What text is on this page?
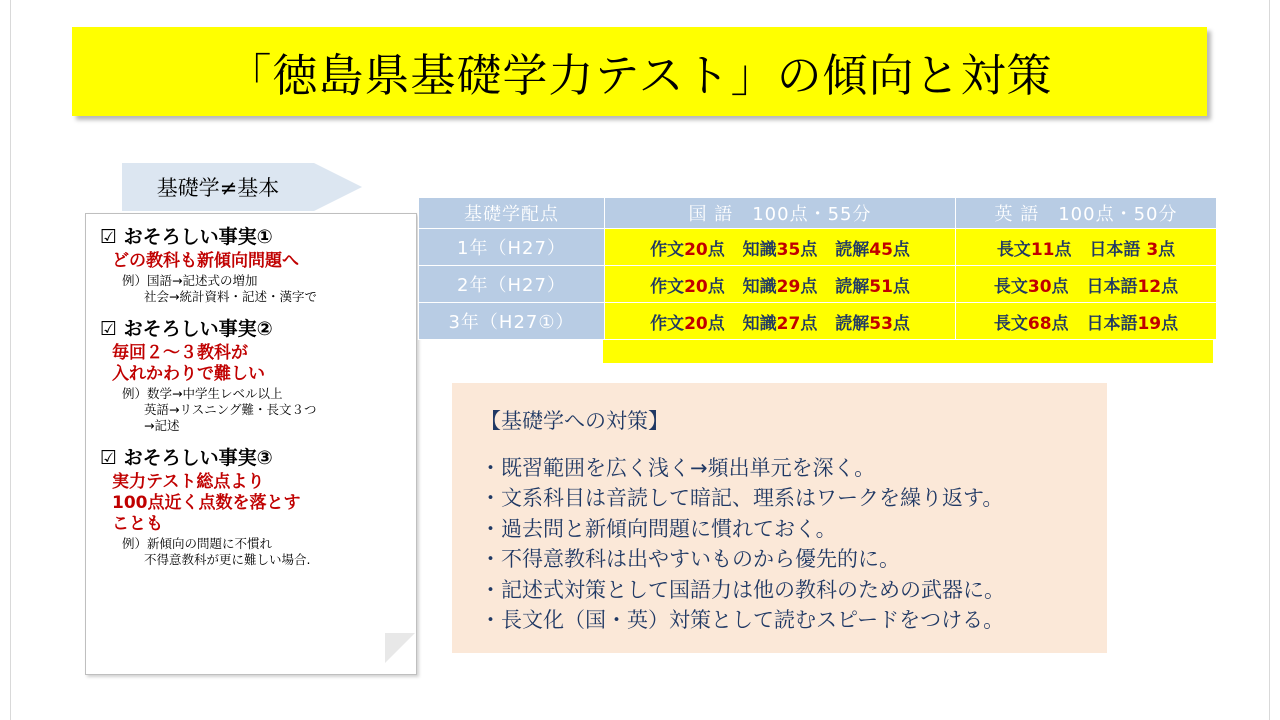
「徳島県基礎学力テスト」の傾向と対策
基礎学≠基本
☑ おそろしい事実①
どの教科も新傾向問題へ
例）国語→記述式の増加
社会→統計資料・記述・漢字で
☑ おそろしい事実②
毎回２～３教科が
入れかわりで難しい
例）数学→中学生レベル以上
英語→リスニング難・長文３つ
→記述
☑ おそろしい事実③
実力テスト総点より
100点近く点数を落とす
ことも
例）新傾向の問題に不慣れ
不得意教科が更に難しい場合.
基礎学配点	国 語　100点・55分	英 語　100点・50分
1年（H27）	作文20点 知識35点 読解45点	長文11点 日本語 3点
2年（H27）	作文20点 知識29点 読解51点	長文30点 日本語12点
3年（H27①）	作文20点 知識27点 読解53点	長文68点 日本語19点
【基礎学への対策】
・既習範囲を広く浅く→頻出単元を深く。
・文系科目は音読して暗記、理系はワークを繰り返す。
・過去問と新傾向問題に慣れておく。
・不得意教科は出やすいものから優先的に。
・記述式対策として国語力は他の教科のための武器に。
・長文化（国・英）対策として読むスピードをつける。
